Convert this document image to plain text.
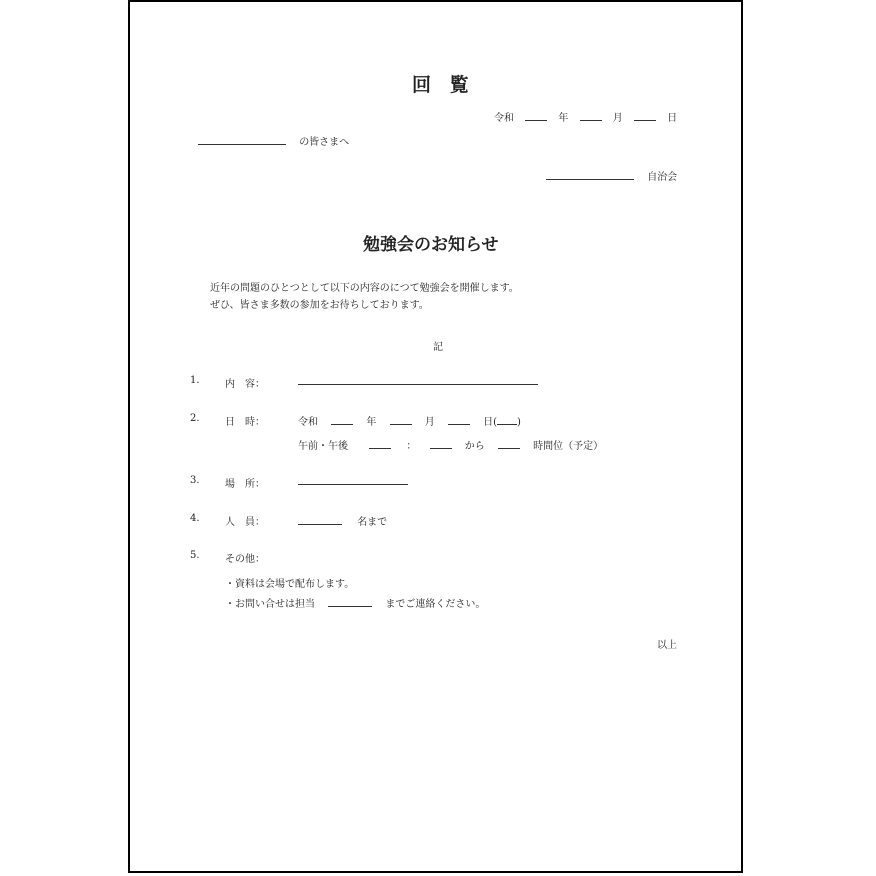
回 覧
令和	年	月	日
の皆さまへ
自治会
勉強会のお知らせ
近年の問題のひとつとして以下の内容のにつて勉強会を開催します。
ぜひ、皆さま多数の参加をお待ちしております。
記
1.	内　容：
2.	日　時：	令和	年	月	日( )
午前・午後	：	から	時間位（予定）
3.	場　所：
4.	人　員：	名まで
5.	その他：
・資料は会場で配布します。
・お問い合せは担当	までご連絡ください。
以上
